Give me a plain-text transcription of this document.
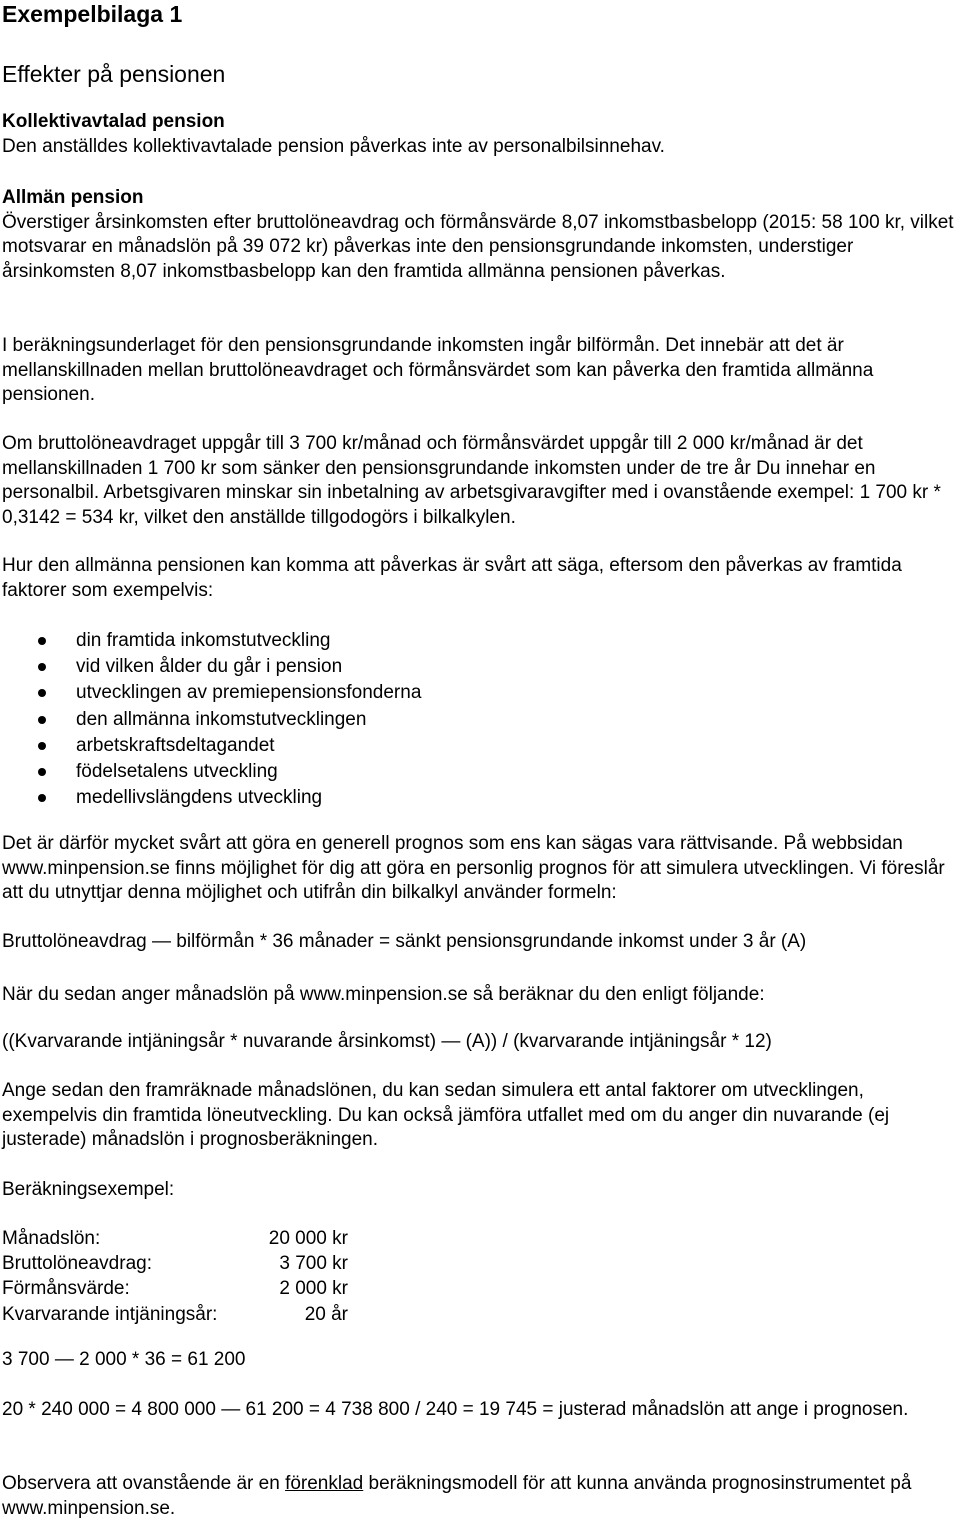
Exempelbilaga 1
Effekter på pensionen

Kollektivavtalad pension

Den anställdes kollektivavtalade pension påverkas inte av personalbilsinnehav.

Allmän pension

Överstiger årsinkomsten efter bruttolöneavdrag och förmånsvärde 8,07 inkomstbasbelopp (2015: 58 100 kr, vilket motsvarar en månadslön på 39 072 kr) påverkas inte den pensionsgrundande inkomsten, understiger årsinkomsten 8,07 inkomstbasbelopp kan den framtida allmänna pensionen påverkas.

I beräkningsunderlaget för den pensionsgrundande inkomsten ingår bilförmån. Det innebär att det är mellanskillnaden mellan bruttolöneavdraget och förmånsvärdet som kan påverka den framtida allmänna pensionen.

Om bruttolöneavdraget uppgår till 3 700 kr/månad och förmånsvärdet uppgår till 2 000 kr/månad är det mellanskillnaden 1 700 kr som sänker den pensionsgrundande inkomsten under de tre år Du innehar en personalbil. Arbetsgivaren minskar sin inbetalning av arbetsgivaravgifter med i ovanstående exempel: 1 700 kr * 0,3142 = 534 kr, vilket den anställde tillgodogörs i bilkalkylen.

Hur den allmänna pensionen kan komma att påverkas är svårt att säga, eftersom den påverkas av framtida faktorer som exempelvis:

din framtida inkomstutveckling
vid vilken ålder du går i pension
utvecklingen av premiepensionsfonderna
den allmänna inkomstutvecklingen
arbetskraftsdeltagandet
födelsetalens utveckling
medellivslängdens utveckling

Det är därför mycket svårt att göra en generell prognos som ens kan sägas vara rättvisande. På webbsidan www.minpension.se finns möjlighet för dig att göra en personlig prognos för att simulera utvecklingen. Vi föreslår att du utnyttjar denna möjlighet och utifrån din bilkalkyl använder formeln:

Bruttolöneavdrag — bilförmån * 36 månader = sänkt pensionsgrundande inkomst under 3 år (A)

När du sedan anger månadslön på www.minpension.se så beräknar du den enligt följande:

((Kvarvarande intjäningsår * nuvarande årsinkomst) — (A)) / (kvarvarande intjäningsår * 12)

Ange sedan den framräknade månadslönen, du kan sedan simulera ett antal faktorer om utvecklingen, exempelvis din framtida löneutveckling. Du kan också jämföra utfallet med om du anger din nuvarande (ej justerade) månadslön i prognosberäkningen.

Beräkningsexempel:

Månadslön:	20 000 kr
Bruttolöneavdrag:	3 700 kr
Förmånsvärde:	2 000 kr
Kvarvarande intjäningsår:	20 år

3 700 — 2 000 * 36 = 61 200

20 * 240 000 = 4 800 000 — 61 200 = 4 738 800 / 240 = 19 745 = justerad månadslön att ange i prognosen.

Observera att ovanstående är en förenklad beräkningsmodell för att kunna använda prognosinstrumentet på www.minpension.se.
